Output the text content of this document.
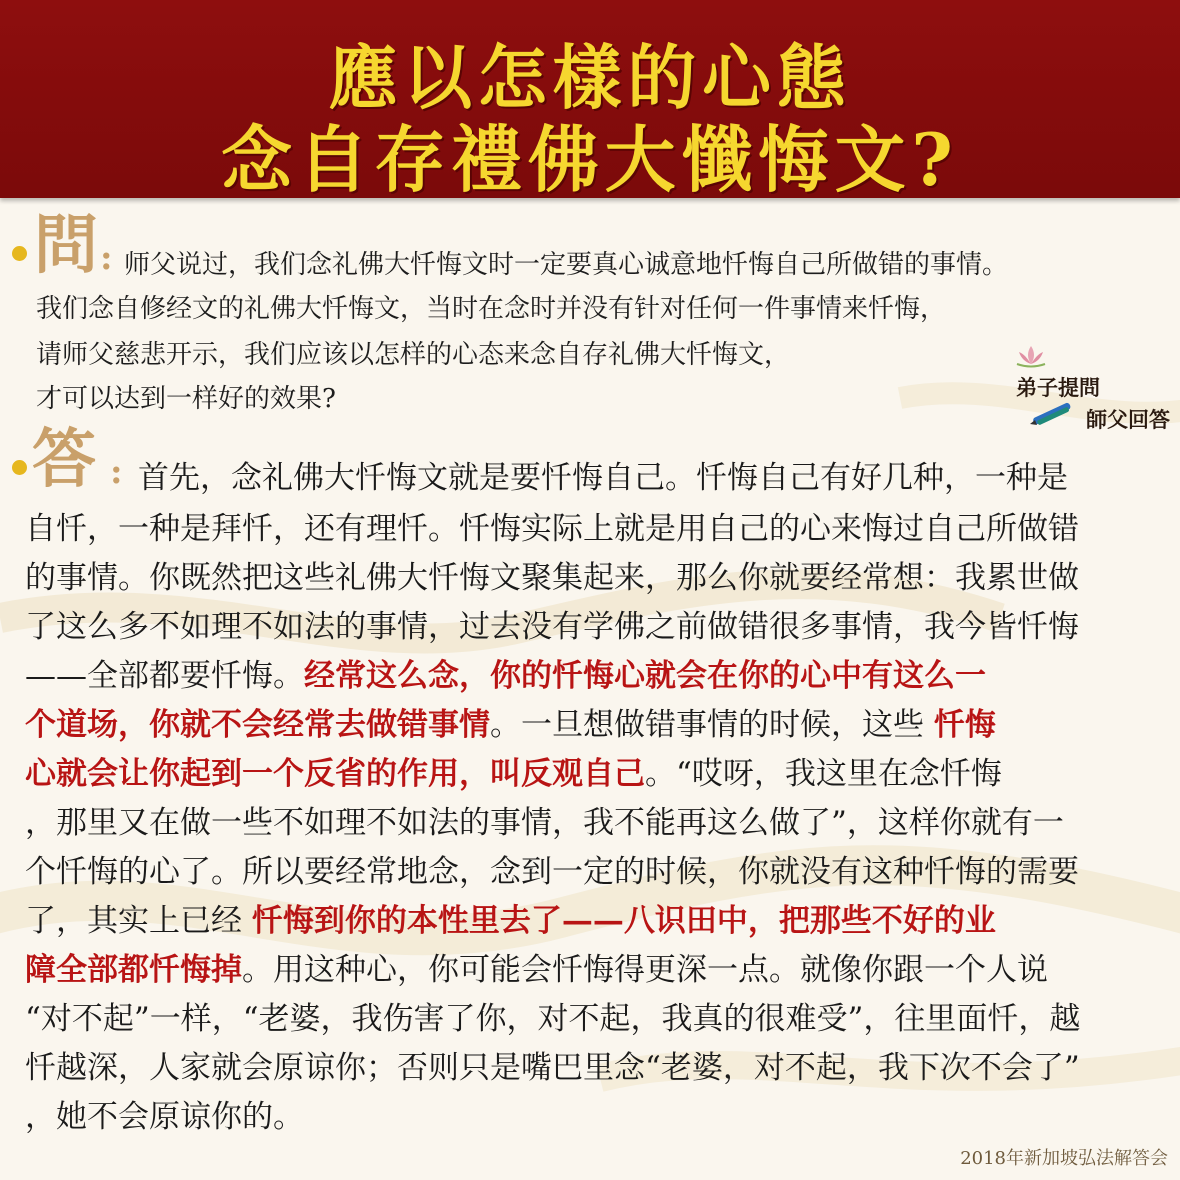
應以怎樣的心態
念自存禮佛大懺悔文?
問 : 师父说过，我们念礼佛大忏悔文时一定要真心诚意地忏悔自己所做错的事情。
我们念自修经文的礼佛大忏悔文，当时在念时并没有针对任何一件事情来忏悔，
请师父慈悲开示，我们应该以怎样的心态来念自存礼佛大忏悔文，
才可以达到一样好的效果?	弟子提問
師父回答
答 : 首先，念礼佛大忏悔文就是要忏悔自己。忏悔自己有好几种，一种是
自忏，一种是拜忏，还有理忏。忏悔实际上就是用自己的心来悔过自己所做错
的事情。你既然把这些礼佛大忏悔文聚集起来，那么你就要经常想：我累世做
了这么多不如理不如法的事情，过去没有学佛之前做错很多事情，我今皆忏悔
——全部都要忏悔。经常这么念，你的忏悔心就会在你的心中有这么一
个道场，你就不会经常去做错事情。一旦想做错事情的时候，这些 忏悔
心就会让你起到一个反省的作用，叫反观自己。“哎呀，我这里在念忏悔
，那里又在做一些不如理不如法的事情，我不能再这么做了”，这样你就有一
个忏悔的心了。所以要经常地念，念到一定的时候，你就没有这种忏悔的需要
了，其实上已经 忏悔到你的本性里去了——八识田中，把那些不好的业
障全部都忏悔掉。用这种心，你可能会忏悔得更深一点。就像你跟一个人说
“对不起”一样，“老婆，我伤害了你，对不起，我真的很难受”，往里面忏，越
忏越深，人家就会原谅你；否则只是嘴巴里念“老婆，对不起，我下次不会了”
，她不会原谅你的。
2018年新加坡弘法解答会
